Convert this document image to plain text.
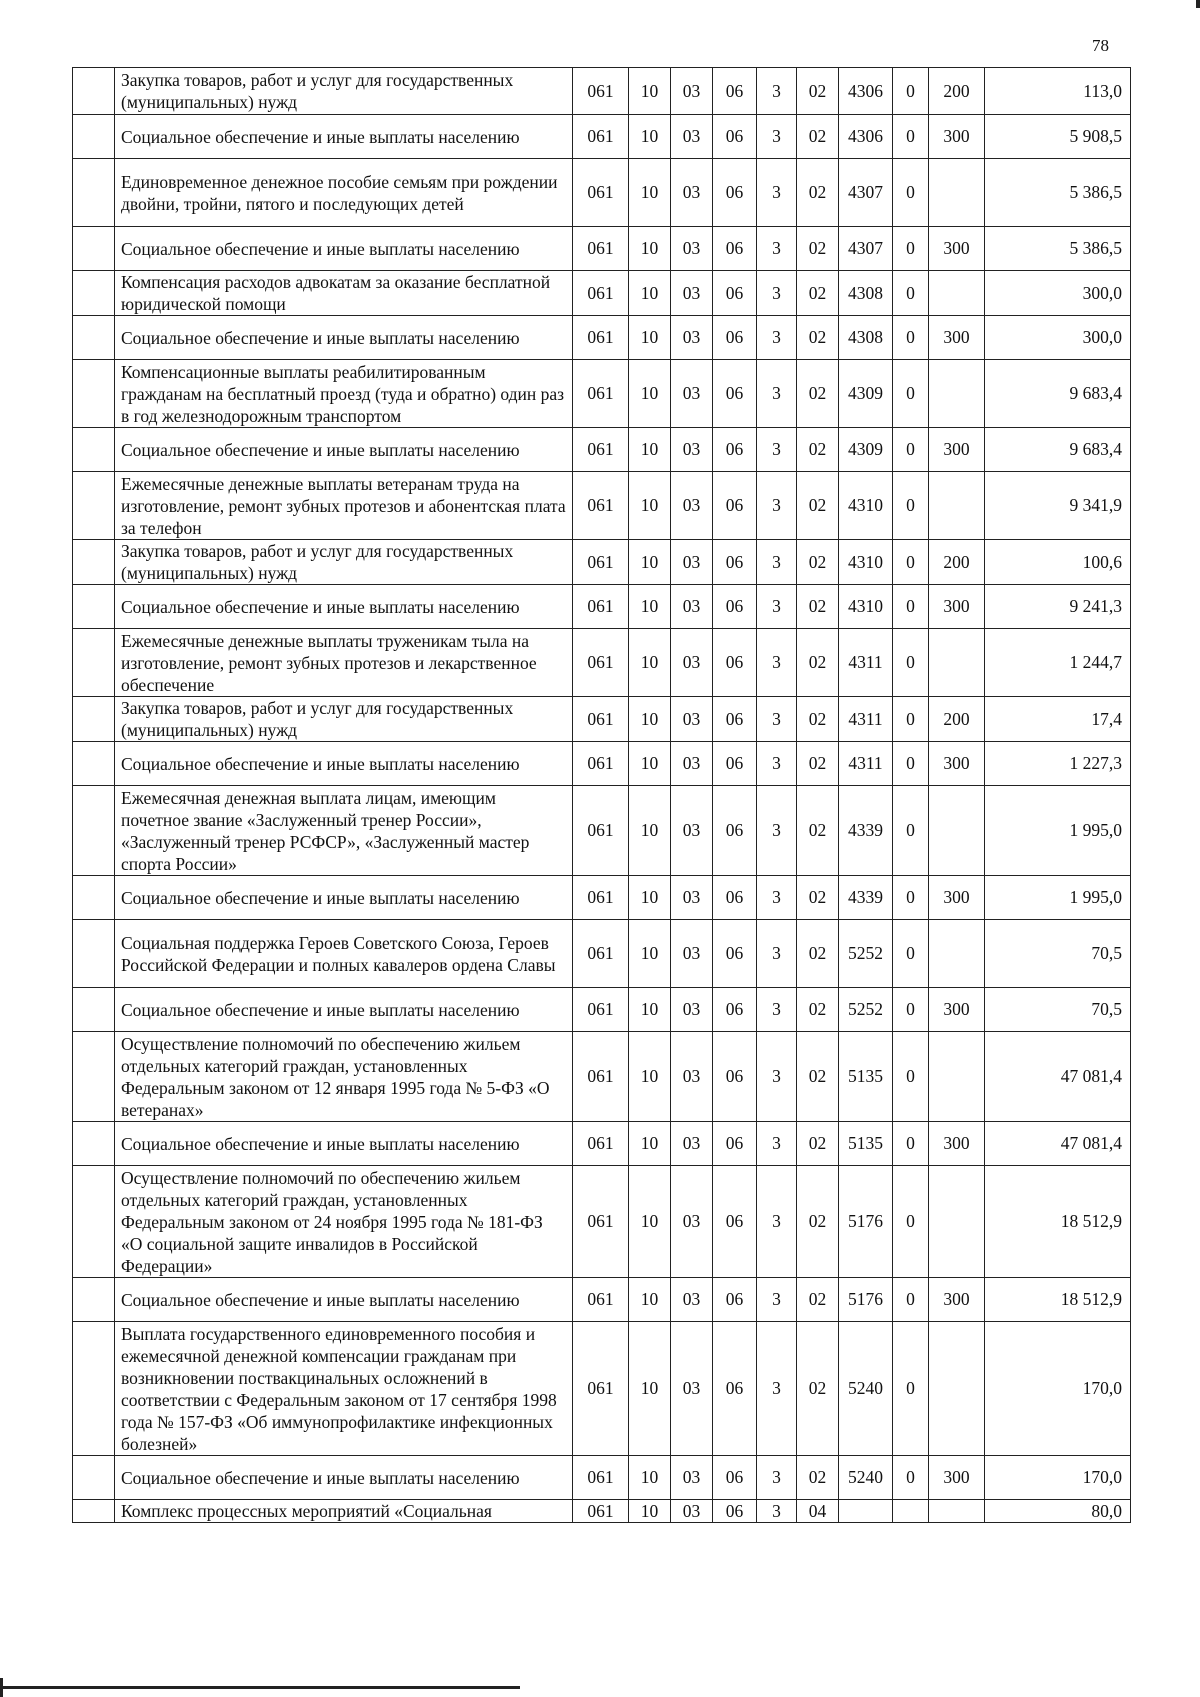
78
	Закупка товаров, работ и услуг для государственных (муниципальных) нужд	061	10	03	06	3	02	4306	0	200	113,0
	Социальное обеспечение и иные выплаты населению	061	10	03	06	3	02	4306	0	300	5 908,5
	Единовременное денежное пособие семьям при рождении двойни, тройни, пятого и последующих детей	061	10	03	06	3	02	4307	0		5 386,5
	Социальное обеспечение и иные выплаты населению	061	10	03	06	3	02	4307	0	300	5 386,5
	Компенсация расходов адвокатам за оказание бесплатной юридической помощи	061	10	03	06	3	02	4308	0		300,0
	Социальное обеспечение и иные выплаты населению	061	10	03	06	3	02	4308	0	300	300,0
	Компенсационные выплаты реабилитированным гражданам на бесплатный проезд (туда и обратно) один раз в год железнодорожным транспортом	061	10	03	06	3	02	4309	0		9 683,4
	Социальное обеспечение и иные выплаты населению	061	10	03	06	3	02	4309	0	300	9 683,4
	Ежемесячные денежные выплаты ветеранам труда на изготовление, ремонт зубных протезов и абонентская плата за телефон	061	10	03	06	3	02	4310	0		9 341,9
	Закупка товаров, работ и услуг для государственных (муниципальных) нужд	061	10	03	06	3	02	4310	0	200	100,6
	Социальное обеспечение и иные выплаты населению	061	10	03	06	3	02	4310	0	300	9 241,3
	Ежемесячные денежные выплаты труженикам тыла на изготовление, ремонт зубных протезов и лекарственное обеспечение	061	10	03	06	3	02	4311	0		1 244,7
	Закупка товаров, работ и услуг для государственных (муниципальных) нужд	061	10	03	06	3	02	4311	0	200	17,4
	Социальное обеспечение и иные выплаты населению	061	10	03	06	3	02	4311	0	300	1 227,3
	Ежемесячная денежная выплата лицам, имеющим почетное звание «Заслуженный тренер России», «Заслуженный тренер РСФСР», «Заслуженный мастер спорта России»	061	10	03	06	3	02	4339	0		1 995,0
	Социальное обеспечение и иные выплаты населению	061	10	03	06	3	02	4339	0	300	1 995,0
	Социальная поддержка Героев Советского Союза, Героев Российской Федерации и полных кавалеров ордена Славы	061	10	03	06	3	02	5252	0		70,5
	Социальное обеспечение и иные выплаты населению	061	10	03	06	3	02	5252	0	300	70,5
	Осуществление полномочий по обеспечению жильем отдельных категорий граждан, установленных Федеральным законом от 12 января 1995 года № 5-ФЗ «О ветеранах»	061	10	03	06	3	02	5135	0		47 081,4
	Социальное обеспечение и иные выплаты населению	061	10	03	06	3	02	5135	0	300	47 081,4
	Осуществление полномочий по обеспечению жильем отдельных категорий граждан, установленных Федеральным законом от 24 ноября 1995 года № 181-ФЗ «О социальной защите инвалидов в Российской Федерации»	061	10	03	06	3	02	5176	0		18 512,9
	Социальное обеспечение и иные выплаты населению	061	10	03	06	3	02	5176	0	300	18 512,9
	Выплата государственного единовременного пособия и ежемесячной денежной компенсации гражданам при возникновении поствакцинальных осложнений в соответствии с Федеральным законом от 17 сентября 1998 года № 157-ФЗ «Об иммунопрофилактике инфекционных болезней»	061	10	03	06	3	02	5240	0		170,0
	Социальное обеспечение и иные выплаты населению	061	10	03	06	3	02	5240	0	300	170,0
	Комплекс процессных мероприятий «Социальная	061	10	03	06	3	04				80,0
